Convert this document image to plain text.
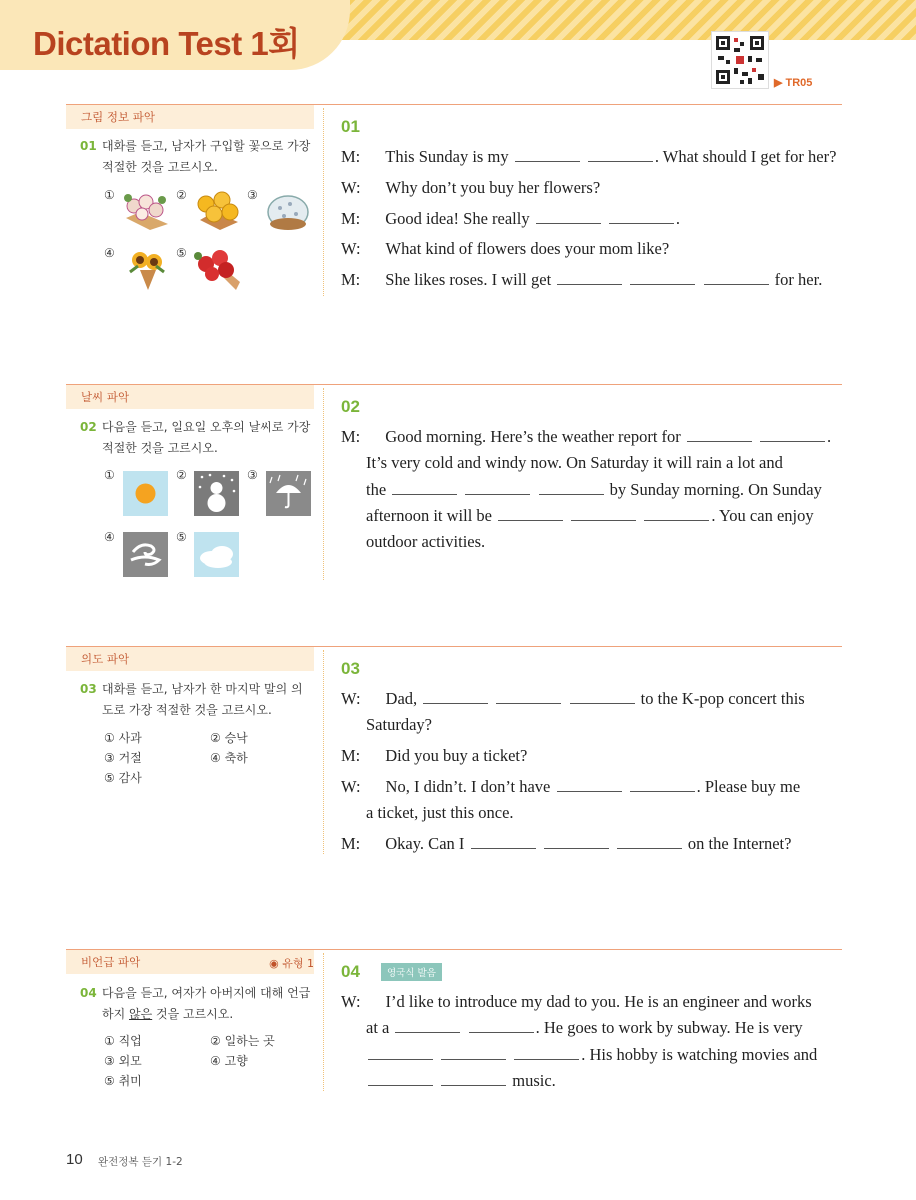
Dictation Test 1회
▶ TR05
그림 정보 파악
01 대화를 듣고, 남자가 구입할 꽃으로 가장 적절한 것을 고르시오.
①	②	③
④	⑤
01
M: This Sunday is my	. What should I get for her?
W: Why don’t you buy her flowers?
M: Good idea! She really	.
W: What kind of flowers does your mom like?
M: She likes roses. I will get	for her.
날씨 파악
02 다음을 듣고, 일요일 오후의 날씨로 가장 적절한 것을 고르시오.
①	②	③
④	⑤
02
M: Good morning. Here’s the weather report for	.
It’s very cold and windy now. On Saturday it will rain a lot and
the	by Sunday morning. On Sunday
afternoon it will be	. You can enjoy
outdoor activities.
의도 파악
03 대화를 듣고, 남자가 한 마지막 말의 의도로 가장 적절한 것을 고르시오.
① 사과	② 승낙
③ 거절	④ 축하
⑤ 감사
03
W: Dad,	to the K-pop concert this
Saturday?
M: Did you buy a ticket?
W: No, I didn’t. I don’t have	. Please buy me
a ticket, just this once.
M: Okay. Can I	on the Internet?
비언급 파악	◉ 유형 1
04 다음을 듣고, 여자가 아버지에 대해 언급하지 않은 것을 고르시오.
① 직업	② 일하는 곳
③ 외모	④ 고향
⑤ 취미
04	영국식 발음
W: I’d like to introduce my dad to you. He is an engineer and works
at a	. He goes to work by subway. He is very
. His hobby is watching movies and
music.
10 완전정복 듣기 1-2
